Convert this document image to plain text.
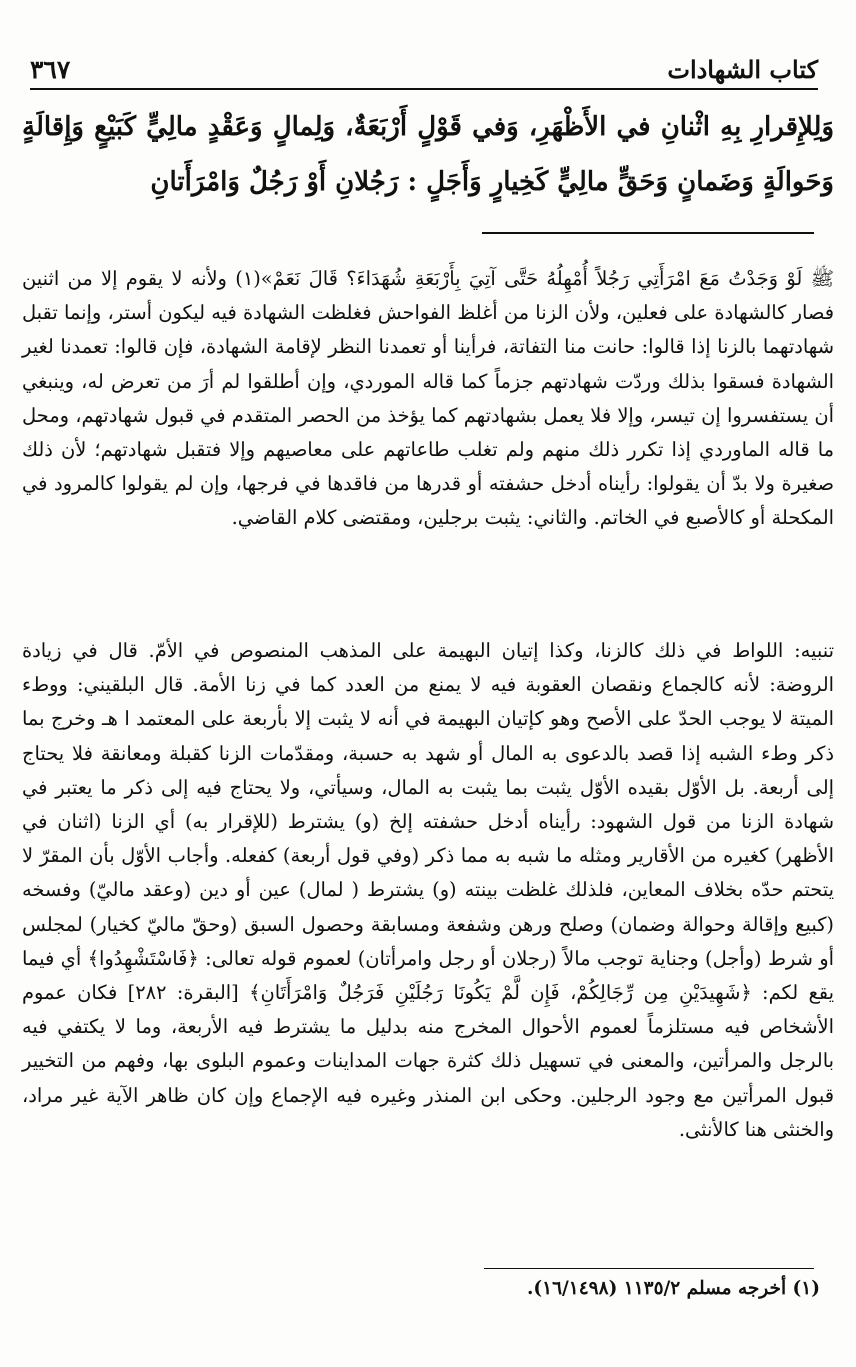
٣٦٧	كتاب الشهادات
وَلِلإِقرارِ بِهِ اثْنانِ في الأَظْهَرِ، وَفي قَوْلٍ أَرْبَعَةٌ، وَلِمالٍ وَعَقْدٍ مالِيٍّ كَبَيْعٍ وَإِقالَةٍ وَحَوالَةٍ وَضَمانٍ وَحَقٍّ مالِيٍّ كَخِيارٍ وَأَجَلٍ : رَجُلانِ أَوْ رَجُلٌ وَامْرَأَتانِ
ﷺ لَوْ وَجَدْتُ مَعَ امْرَأَتِي رَجُلاً أُمْهِلُهُ حَتَّى آتِيَ بِأَرْبَعَةِ شُهَدَاءَ؟ قَالَ نَعَمْ»(١) ولأنه لا يقوم إلا من اثنين فصار كالشهادة على فعلين، ولأن الزنا من أغلظ الفواحش فغلظت الشهادة فيه ليكون أستر، وإنما تقبل شهادتهما بالزنا إذا قالوا: حانت منا التفاتة، فرأينا أو تعمدنا النظر لإقامة الشهادة، فإن قالوا: تعمدنا لغير الشهادة فسقوا بذلك وردّت شهادتهم جزماً كما قاله الموردي، وإن أطلقوا لم أرَ من تعرض له، وينبغي أن يستفسروا إن تيسر، وإلا فلا يعمل بشهادتهم كما يؤخذ من الحصر المتقدم في قبول شهادتهم، ومحل ما قاله الماوردي إذا تكرر ذلك منهم ولم تغلب طاعاتهم على معاصيهم وإلا فتقبل شهادتهم؛ لأن ذلك صغيرة ولا بدّ أن يقولوا: رأيناه أدخل حشفته أو قدرها من فاقدها في فرجها، وإن لم يقولوا كالمرود في المكحلة أو كالأصبع في الخاتم. والثاني: يثبت برجلين، ومقتضى كلام القاضي.
تنبيه: اللواط في ذلك كالزنا، وكذا إتيان البهيمة على المذهب المنصوص في الأمّ. قال في زيادة الروضة: لأنه كالجماع ونقصان العقوبة فيه لا يمنع من العدد كما في زنا الأمة. قال البلقيني: ووطء الميتة لا يوجب الحدّ على الأصح وهو كإتيان البهيمة في أنه لا يثبت إلا بأربعة على المعتمد ا هـ وخرج بما ذكر وطء الشبه إذا قصد بالدعوى به المال أو شهد به حسبة، ومقدّمات الزنا كقبلة ومعانقة فلا يحتاج إلى أربعة. بل الأوّل بقيده الأوّل يثبت بما يثبت به المال، وسيأتي، ولا يحتاج فيه إلى ذكر ما يعتبر في شهادة الزنا من قول الشهود: رأيناه أدخل حشفته إلخ (و) يشترط (للإقرار به) أي الزنا (اثنان في الأظهر) كغيره من الأقارير ومثله ما شبه به مما ذكر (وفي قول أربعة) كفعله. وأجاب الأوّل بأن المقرّ لا يتحتم حدّه بخلاف المعاين، فلذلك غلظت بينته (و) يشترط ( لمال) عين أو دين (وعقد ماليّ) وفسخه (كبيع وإقالة وحوالة وضمان) وصلح ورهن وشفعة ومسابقة وحصول السبق (وحقّ ماليّ كخيار) لمجلس أو شرط (وأجل) وجناية توجب مالاً (رجلان أو رجل وامرأتان) لعموم قوله تعالى: ﴿فَاسْتَشْهِدُوا﴾ أي فيما يقع لكم: ﴿شَهِيدَيْنِ مِن رِّجَالِكُمْ، فَإِن لَّمْ يَكُونَا رَجُلَيْنِ فَرَجُلٌ وَامْرَأَتَانِ﴾ [البقرة: ٢٨٢] فكان عموم الأشخاص فيه مستلزماً لعموم الأحوال المخرج منه بدليل ما يشترط فيه الأربعة، وما لا يكتفي فيه بالرجل والمرأتين، والمعنى في تسهيل ذلك كثرة جهات المداينات وعموم البلوى بها، وفهم من التخيير قبول المرأتين مع وجود الرجلين. وحكى ابن المنذر وغيره فيه الإجماع وإن كان ظاهر الآية غير مراد، والخنثى هنا كالأنثى.
(١) أخرجه مسلم ١١٣٥/٢ (١٦/١٤٩٨).
